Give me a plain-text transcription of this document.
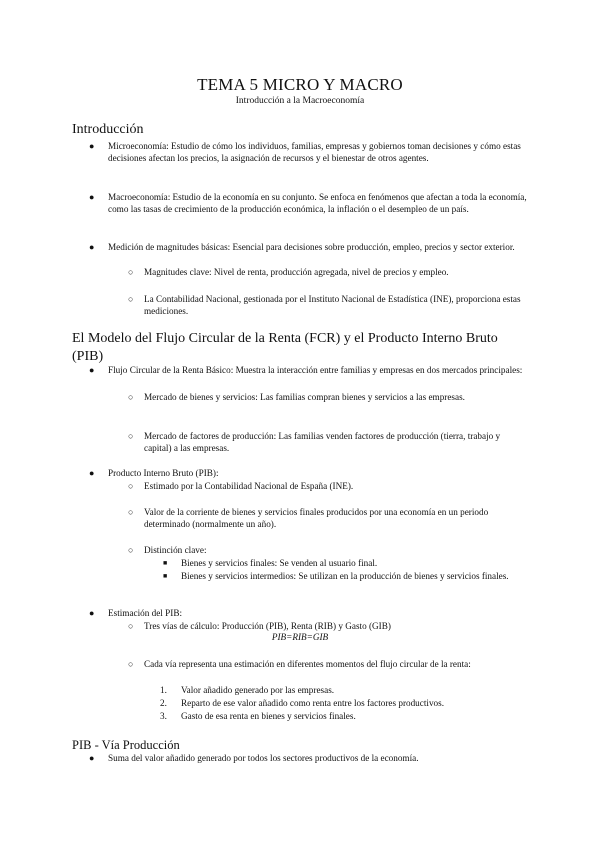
TEMA 5 MICRO Y MACRO
Introducción a la Macroeconomía
Introducción
● Microeconomía: Estudio de cómo los individuos, familias, empresas y gobiernos toman decisiones y cómo estas decisiones afectan los precios, la asignación de recursos y el bienestar de otros agentes.
● Macroeconomía: Estudio de la economía en su conjunto. Se enfoca en fenómenos que afectan a toda la economía, como las tasas de crecimiento de la producción económica, la inflación o el desempleo de un país.
● Medición de magnitudes básicas: Esencial para decisiones sobre producción, empleo, precios y sector exterior.
○ Magnitudes clave: Nivel de renta, producción agregada, nivel de precios y empleo.
○ La Contabilidad Nacional, gestionada por el Instituto Nacional de Estadística (INE), proporciona estas mediciones.
El Modelo del Flujo Circular de la Renta (FCR) y el Producto Interno Bruto (PIB)
● Flujo Circular de la Renta Básico: Muestra la interacción entre familias y empresas en dos mercados principales:
○ Mercado de bienes y servicios: Las familias compran bienes y servicios a las empresas.
○ Mercado de factores de producción: Las familias venden factores de producción (tierra, trabajo y capital) a las empresas.
● Producto Interno Bruto (PIB):
○ Estimado por la Contabilidad Nacional de España (INE).
○ Valor de la corriente de bienes y servicios finales producidos por una economía en un periodo determinado (normalmente un año).
○ Distinción clave:
■ Bienes y servicios finales: Se venden al usuario final.
■ Bienes y servicios intermedios: Se utilizan en la producción de bienes y servicios finales.
● Estimación del PIB:
○ Tres vías de cálculo: Producción (PIB), Renta (RIB) y Gasto (GIB)
PIB=RIB=GIB
○ Cada vía representa una estimación en diferentes momentos del flujo circular de la renta:
1. Valor añadido generado por las empresas.
2. Reparto de ese valor añadido como renta entre los factores productivos.
3. Gasto de esa renta en bienes y servicios finales.
PIB - Vía Producción
● Suma del valor añadido generado por todos los sectores productivos de la economía.
